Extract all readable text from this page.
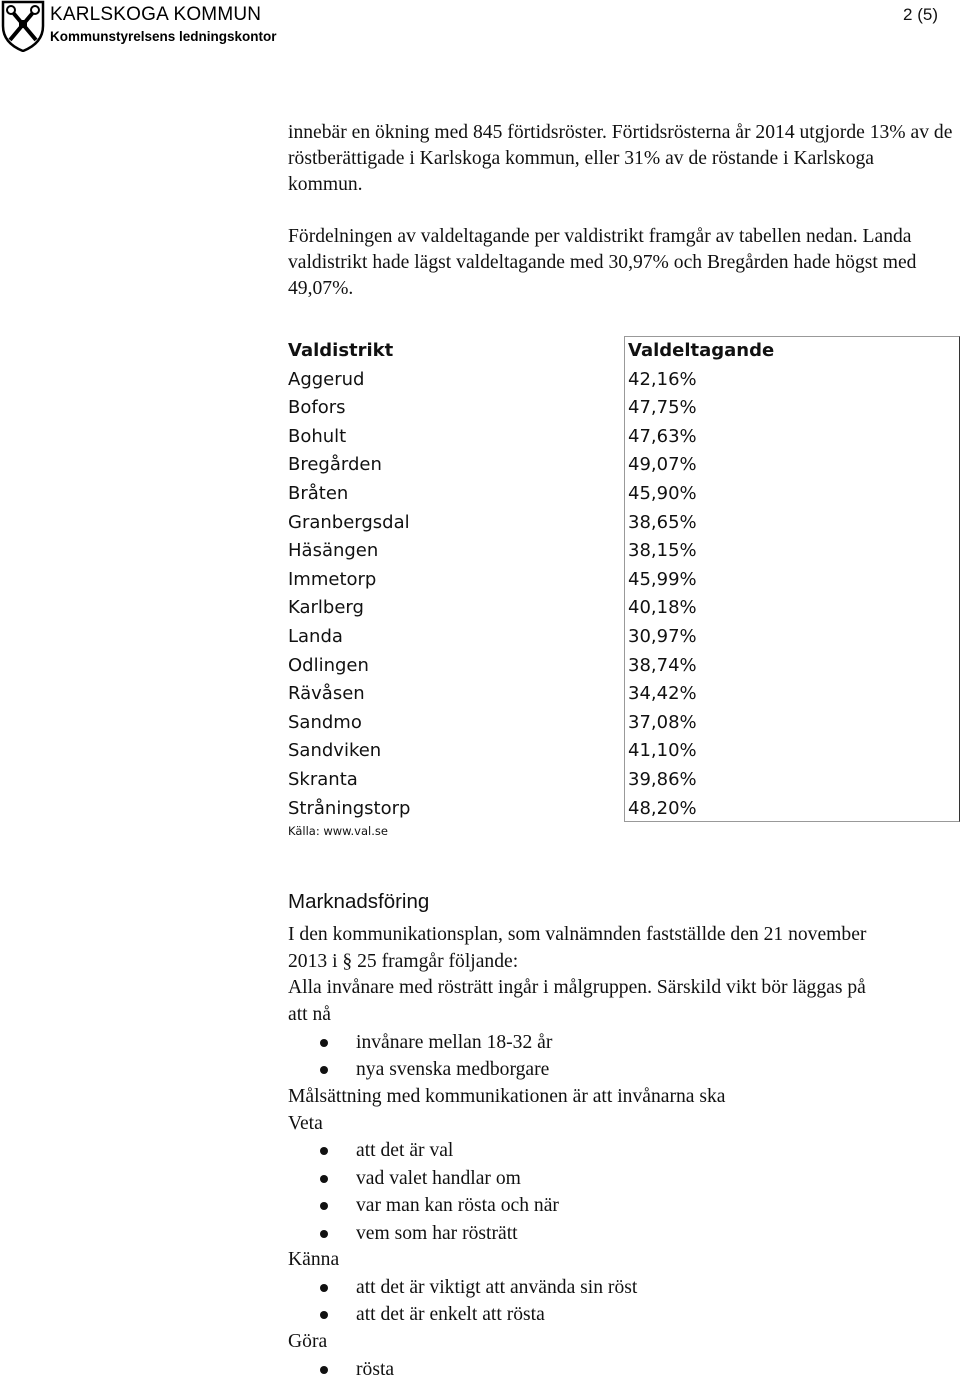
KARLSKOGA KOMMUN
Kommunstyrelsens ledningskontor
2 (5)

innebär en ökning med 845 förtidsröster. Förtidsrösterna år 2014 utgjorde 13% av de röstberättigade i Karlskoga kommun, eller 31% av de röstande i Karlskoga kommun.

Fördelningen av valdeltagande per valdistrikt framgår av tabellen nedan. Landa valdistrikt hade lägst valdeltagande med 30,97% och Bregården hade högst med 49,07%.

Valdistrikt	Valdeltagande
Aggerud	42,16%
Bofors	47,75%
Bohult	47,63%
Bregården	49,07%
Bråten	45,90%
Granbergsdal	38,65%
Häsängen	38,15%
Immetorp	45,99%
Karlberg	40,18%
Landa	30,97%
Odlingen	38,74%
Rävåsen	34,42%
Sandmo	37,08%
Sandviken	41,10%
Skranta	39,86%
Stråningstorp	48,20%
Källa: www.val.se
Marknadsföring
I den kommunikationsplan, som valnämnden fastställde den 21 november
2013 i § 25 framgår följande:
Alla invånare med rösträtt ingår i målgruppen. Särskild vikt bör läggas på
att nå
invånare mellan 18-32 år
nya svenska medborgare
Målsättning med kommunikationen är att invånarna ska
Veta
att det är val
vad valet handlar om
var man kan rösta och när
vem som har rösträtt
Känna
att det är viktigt att använda sin röst
att det är enkelt att rösta
Göra
rösta
